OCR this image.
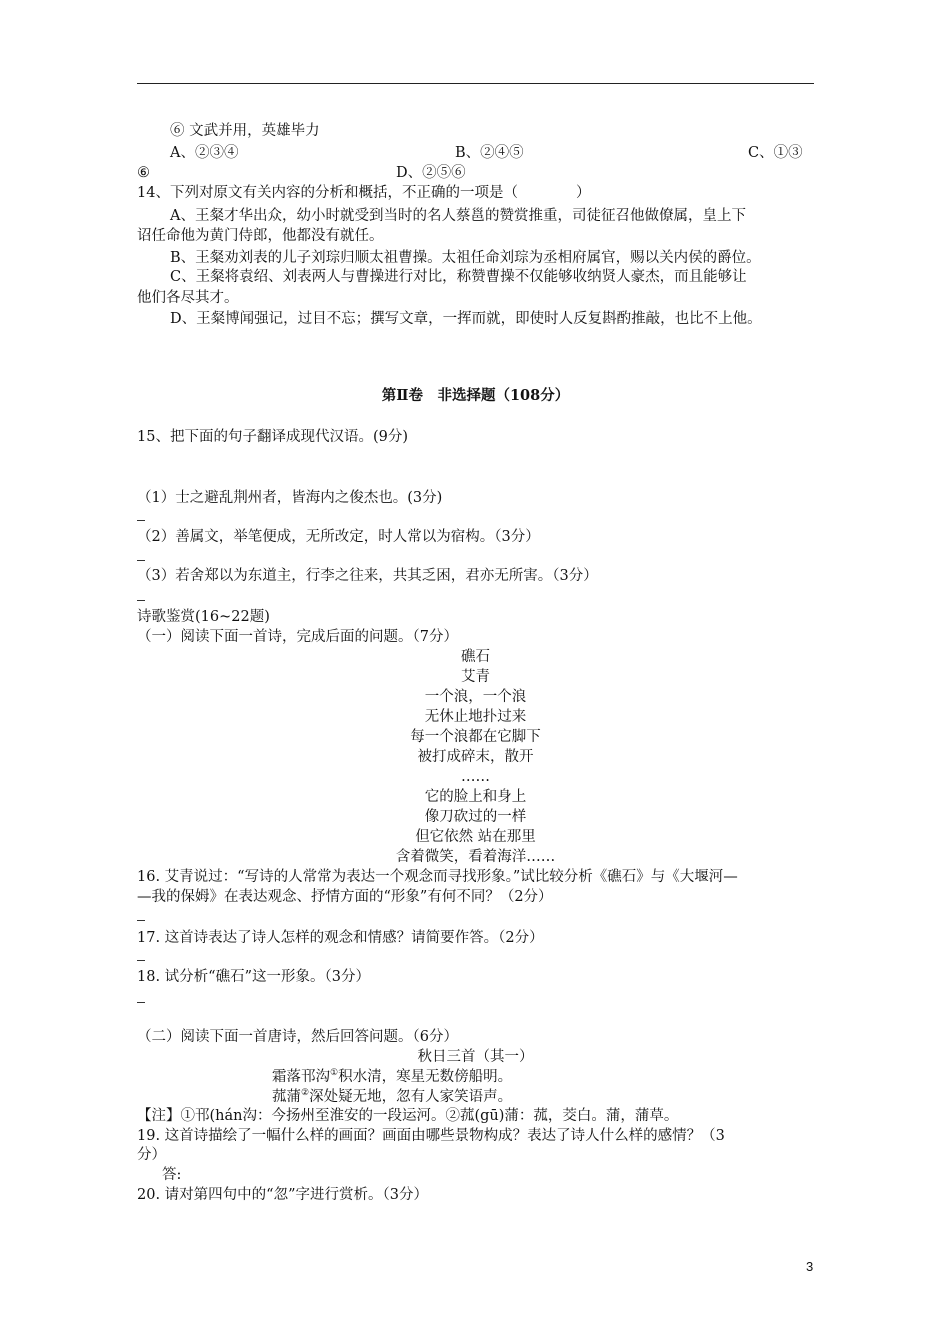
⑥ 文武并用，英雄毕力
A、②③④	B、②④⑤	C、①③
⑥	D、②⑤⑥
14、下列对原文有关内容的分析和概括，不正确的一项是（　　　　）
A、王粲才华出众，幼小时就受到当时的名人蔡邕的赞赏推重，司徒征召他做僚属，皇上下
诏任命他为黄门侍郎，他都没有就任。
B、王粲劝刘表的儿子刘琮归顺太祖曹操。太祖任命刘琮为丞相府属官，赐以关内侯的爵位。
C、王粲将袁绍、刘表两人与曹操进行对比，称赞曹操不仅能够收纳贤人豪杰，而且能够让
他们各尽其才。
D、王粲博闻强记，过目不忘；撰写文章，一挥而就，即使时人反复斟酌推敲，也比不上他。
第Ⅱ卷　非选择题（108分）
15、把下面的句子翻译成现代汉语。(9分)
（1）士之避乱荆州者，皆海内之俊杰也。(3分)
（2）善属文，举笔便成，无所改定，时人常以为宿构。（3分）
（3）若舍郑以为东道主，行李之往来，共其乏困，君亦无所害。（3分）
诗歌鉴赏(16~22题)
（一）阅读下面一首诗，完成后面的问题。（7分）
礁石
艾青
一个浪，一个浪
无休止地扑过来
每一个浪都在它脚下
被打成碎末，散开
……
它的脸上和身上
像刀砍过的一样
但它依然 站在那里
含着微笑，看着海洋……
16. 艾青说过：“写诗的人常常为表达一个观念而寻找形象。”试比较分析《礁石》与《大堰河—
—我的保姆》在表达观念、抒情方面的“形象”有何不同？（2分）
17. 这首诗表达了诗人怎样的观念和情感？请简要作答。（2分）
18. 试分析“礁石”这一形象。（3分）
（二）阅读下面一首唐诗，然后回答问题。（6分）
秋日三首（其一）
霜落邗沟①积水清，寒星无数傍船明。
菰蒲②深处疑无地，忽有人家笑语声。
【注】①邗(hán沟：今扬州至淮安的一段运河。②菰(gū)蒲：菰，茭白。蒲，蒲草。
19. 这首诗描绘了一幅什么样的画面？画面由哪些景物构成？表达了诗人什么样的感情？（3
分）
答:
20. 请对第四句中的“忽”字进行赏析。（3分）
3
